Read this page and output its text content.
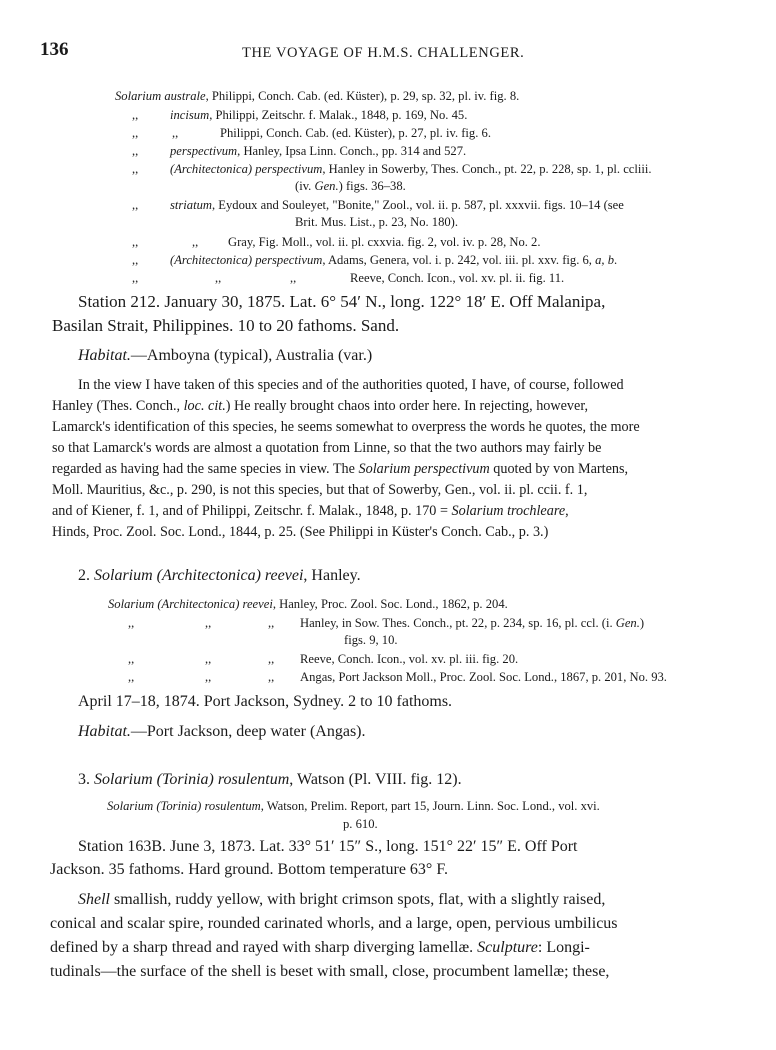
136	THE VOYAGE OF H.M.S. CHALLENGER.
Solarium australe, Philippi, Conch. Cab. (ed. Küster), p. 29, sp. 32, pl. iv. fig. 8.
,,	incisum, Philippi, Zeitschr. f. Malak., 1848, p. 169, No. 45.
,,	,,	Philippi, Conch. Cab. (ed. Küster), p. 27, pl. iv. fig. 6.
,,	perspectivum, Hanley, Ipsa Linn. Conch., pp. 314 and 527.
,,	(Architectonica) perspectivum, Hanley in Sowerby, Thes. Conch., pt. 22, p. 228, sp. 1, pl. ccliii.
(iv. Gen.) figs. 36–38.
,,	striatum, Eydoux and Souleyet, "Bonite," Zool., vol. ii. p. 587, pl. xxxvii. figs. 10–14 (see
Brit. Mus. List., p. 23, No. 180).
,,	,, Gray, Fig. Moll., vol. ii. pl. cxxvia. fig. 2, vol. iv. p. 28, No. 2.
,,	(Architectonica) perspectivum, Adams, Genera, vol. i. p. 242, vol. iii. pl. xxv. fig. 6, a, b.
,,	,,	,,	Reeve, Conch. Icon., vol. xv. pl. ii. fig. 11.
Station 212. January 30, 1875. Lat. 6° 54′ N., long. 122° 18′ E. Off Malanipa,
Basilan Strait, Philippines. 10 to 20 fathoms. Sand.
Habitat.—Amboyna (typical), Australia (var.)
In the view I have taken of this species and of the authorities quoted, I have, of course, followed
Hanley (Thes. Conch., loc. cit.) He really brought chaos into order here. In rejecting, however,
Lamarck's identification of this species, he seems somewhat to overpress the words he quotes, the more
so that Lamarck's words are almost a quotation from Linne, so that the two authors may fairly be
regarded as having had the same species in view. The Solarium perspectivum quoted by von Martens,
Moll. Mauritius, &c., p. 290, is not this species, but that of Sowerby, Gen., vol. ii. pl. ccii. f. 1,
and of Kiener, f. 1, and of Philippi, Zeitschr. f. Malak., 1848, p. 170 = Solarium trochleare,
Hinds, Proc. Zool. Soc. Lond., 1844, p. 25. (See Philippi in Küster's Conch. Cab., p. 3.)
2. Solarium (Architectonica) reevei, Hanley.
Solarium (Architectonica) reevei, Hanley, Proc. Zool. Soc. Lond., 1862, p. 204.
,,	,,	,, Hanley, in Sow. Thes. Conch., pt. 22, p. 234, sp. 16, pl. ccl. (i. Gen.)
figs. 9, 10.
,,	,,	,, Reeve, Conch. Icon., vol. xv. pl. iii. fig. 20.
,,	,,	,, Angas, Port Jackson Moll., Proc. Zool. Soc. Lond., 1867, p. 201, No. 93.
April 17–18, 1874. Port Jackson, Sydney. 2 to 10 fathoms.
Habitat.—Port Jackson, deep water (Angas).
3. Solarium (Torinia) rosulentum, Watson (Pl. VIII. fig. 12).
Solarium (Torinia) rosulentum, Watson, Prelim. Report, part 15, Journ. Linn. Soc. Lond., vol. xvi.
p. 610.
Station 163B. June 3, 1873. Lat. 33° 51′ 15″ S., long. 151° 22′ 15″ E. Off Port
Jackson. 35 fathoms. Hard ground. Bottom temperature 63° F.
Shell smallish, ruddy yellow, with bright crimson spots, flat, with a slightly raised,
conical and scalar spire, rounded carinated whorls, and a large, open, pervious umbilicus
defined by a sharp thread and rayed with sharp diverging lamellæ. Sculpture: Longi-
tudinals—the surface of the shell is beset with small, close, procumbent lamellæ; these,
